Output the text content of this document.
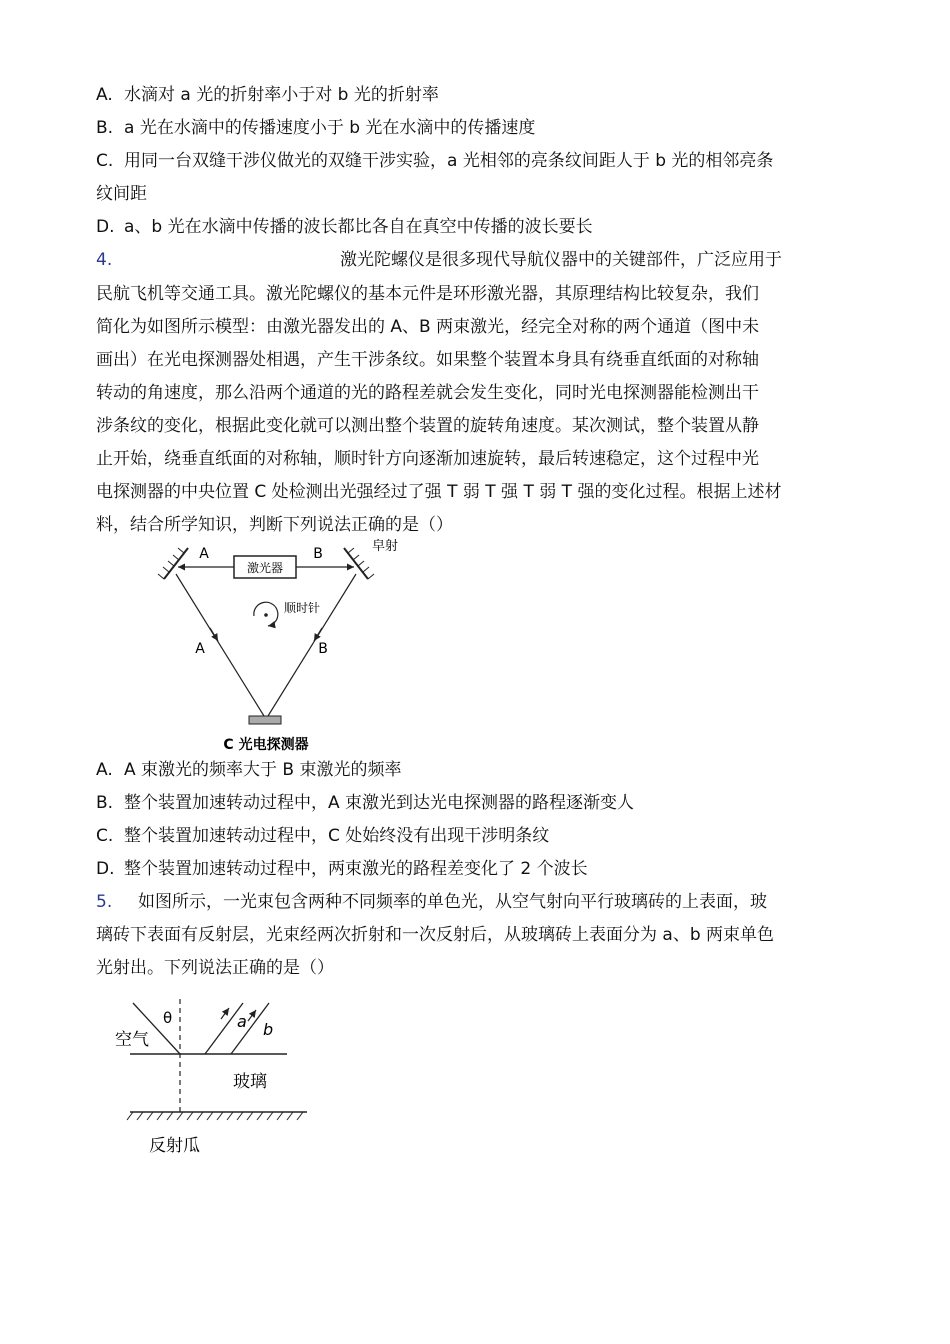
A. 水滴对 a 光的折射率小于对 b 光的折射率
B. a 光在水滴中的传播速度小于 b 光在水滴中的传播速度
C. 用同一台双缝干涉仪做光的双缝干涉实验，a 光相邻的亮条纹间距人于 b 光的相邻亮条
纹间距
D. a、b 光在水滴中传播的波长都比各自在真空中传播的波长要长
4.	激光陀螺仪是很多现代导航仪器中的关键部件，广泛应用于
民航飞机等交通工具。激光陀螺仪的基本元件是环形激光器，其原理结构比较复杂，我们
简化为如图所示模型：由激光器发出的 A、B 两束激光，经完全对称的两个通道（图中未
画出）在光电探测器处相遇，产生干涉条纹。如果整个装置本身具有绕垂直纸面的对称轴
转动的角速度，那么沿两个通道的光的路程差就会发生变化，同时光电探测器能检测出干
涉条纹的变化，根据此变化就可以测出整个装置的旋转角速度。某次测试，整个装置从静
止开始，绕垂直纸面的对称轴，顺时针方向逐渐加速旋转，最后转速稳定，这个过程中光
电探测器的中央位置 C 处检测出光强经过了强 T 弱 T 强 T 弱 T 强的变化过程。根据上述材
料，结合所学知识，判断下列说法正确的是（）
激光器
A	B	皁射
A	B
顺时针
C 光电探测器
A. A 束激光的频率大于 B 束激光的频率
B. 整个装置加速转动过程中，A 束激光到达光电探测器的路程逐渐变人
C. 整个装置加速转动过程中，C 处始终没有出现干涉明条纹
D. 整个装置加速转动过程中，两束激光的路程差变化了 2 个波长
5. 如图所示，一光束包含两种不同频率的单色光，从空气射向平行玻璃砖的上表面，玻
璃砖下表面有反射层，光束经两次折射和一次反射后，从玻璃砖上表面分为 a、b 两束单色
光射出。下列说法正确的是（）
空气
θ	a b
玻璃
反射瓜
